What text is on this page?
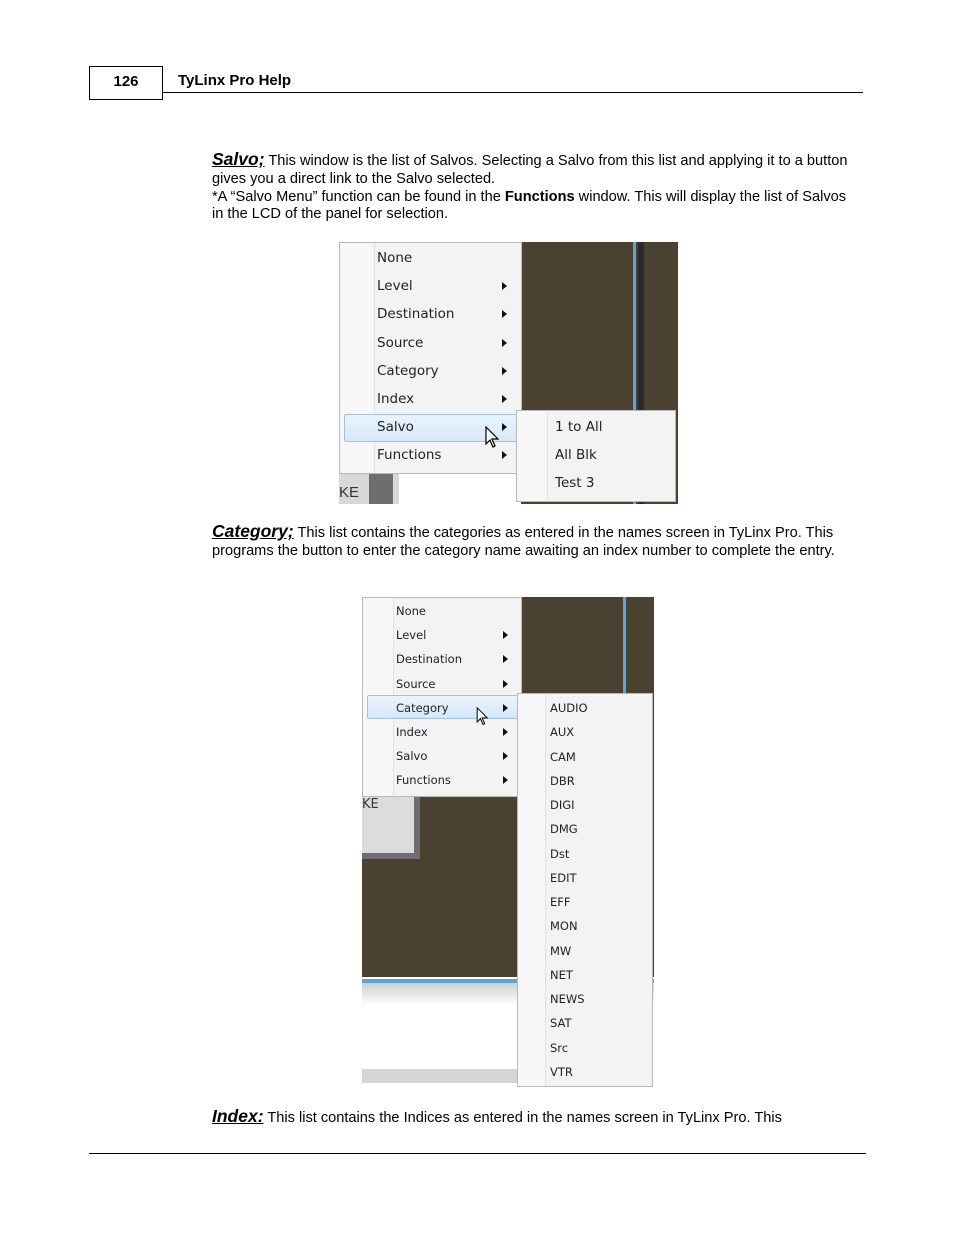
126	TyLinx Pro Help

Salvo; This window is the list of Salvos. Selecting a Salvo from this list and applying it to a button gives you a direct link to the Salvo selected.

*A “Salvo Menu” function can be found in the Functions window. This will display the list of Salvos in the LCD of the panel for selection.

KE
None
Level
Destination
Source
Category
Index
Salvo
Functions
1 to All
All Blk
Test 3

Category; This list contains the categories as entered in the names screen in TyLinx Pro. This programs the button to enter the category name awaiting an index number to complete the entry.

KE
None
Level
Destination
Source
Category
Index
Salvo
Functions
AUDIO
AUX
CAM
DBR
DIGI
DMG
Dst
EDIT
EFF
MON
MW
NET
NEWS
SAT
Src
VTR

Index: This list contains the Indices as entered in the names screen in TyLinx Pro. This
